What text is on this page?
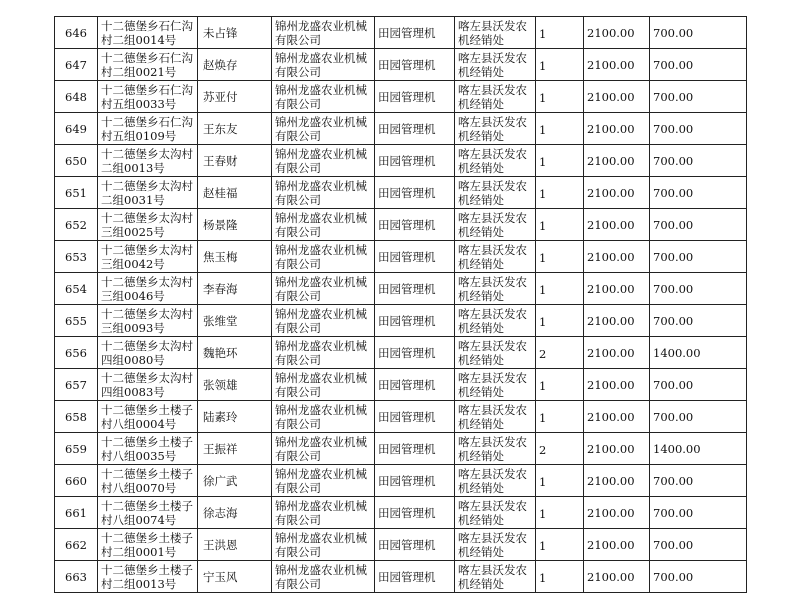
646	十二德堡乡石仁沟村二组0014号	未占锋	锦州龙盛农业机械有限公司	田园管理机	喀左县沃发农机经销处	1	2100.00	700.00
647	十二德堡乡石仁沟村二组0021号	赵焕存	锦州龙盛农业机械有限公司	田园管理机	喀左县沃发农机经销处	1	2100.00	700.00
648	十二德堡乡石仁沟村五组0033号	苏亚付	锦州龙盛农业机械有限公司	田园管理机	喀左县沃发农机经销处	1	2100.00	700.00
649	十二德堡乡石仁沟村五组0109号	王东友	锦州龙盛农业机械有限公司	田园管理机	喀左县沃发农机经销处	1	2100.00	700.00
650	十二德堡乡太沟村二组0013号	王春财	锦州龙盛农业机械有限公司	田园管理机	喀左县沃发农机经销处	1	2100.00	700.00
651	十二德堡乡太沟村二组0031号	赵桂福	锦州龙盛农业机械有限公司	田园管理机	喀左县沃发农机经销处	1	2100.00	700.00
652	十二德堡乡太沟村三组0025号	杨景隆	锦州龙盛农业机械有限公司	田园管理机	喀左县沃发农机经销处	1	2100.00	700.00
653	十二德堡乡太沟村三组0042号	焦玉梅	锦州龙盛农业机械有限公司	田园管理机	喀左县沃发农机经销处	1	2100.00	700.00
654	十二德堡乡太沟村三组0046号	李春海	锦州龙盛农业机械有限公司	田园管理机	喀左县沃发农机经销处	1	2100.00	700.00
655	十二德堡乡太沟村三组0093号	张维堂	锦州龙盛农业机械有限公司	田园管理机	喀左县沃发农机经销处	1	2100.00	700.00
656	十二德堡乡太沟村四组0080号	魏艳环	锦州龙盛农业机械有限公司	田园管理机	喀左县沃发农机经销处	2	2100.00	1400.00
657	十二德堡乡太沟村四组0083号	张领雄	锦州龙盛农业机械有限公司	田园管理机	喀左县沃发农机经销处	1	2100.00	700.00
658	十二德堡乡土楼子村八组0004号	陆素玲	锦州龙盛农业机械有限公司	田园管理机	喀左县沃发农机经销处	1	2100.00	700.00
659	十二德堡乡土楼子村八组0035号	王振祥	锦州龙盛农业机械有限公司	田园管理机	喀左县沃发农机经销处	2	2100.00	1400.00
660	十二德堡乡土楼子村八组0070号	徐广武	锦州龙盛农业机械有限公司	田园管理机	喀左县沃发农机经销处	1	2100.00	700.00
661	十二德堡乡土楼子村八组0074号	徐志海	锦州龙盛农业机械有限公司	田园管理机	喀左县沃发农机经销处	1	2100.00	700.00
662	十二德堡乡土楼子村二组0001号	王洪恩	锦州龙盛农业机械有限公司	田园管理机	喀左县沃发农机经销处	1	2100.00	700.00
663	十二德堡乡土楼子村二组0013号	宁玉风	锦州龙盛农业机械有限公司	田园管理机	喀左县沃发农机经销处	1	2100.00	700.00
